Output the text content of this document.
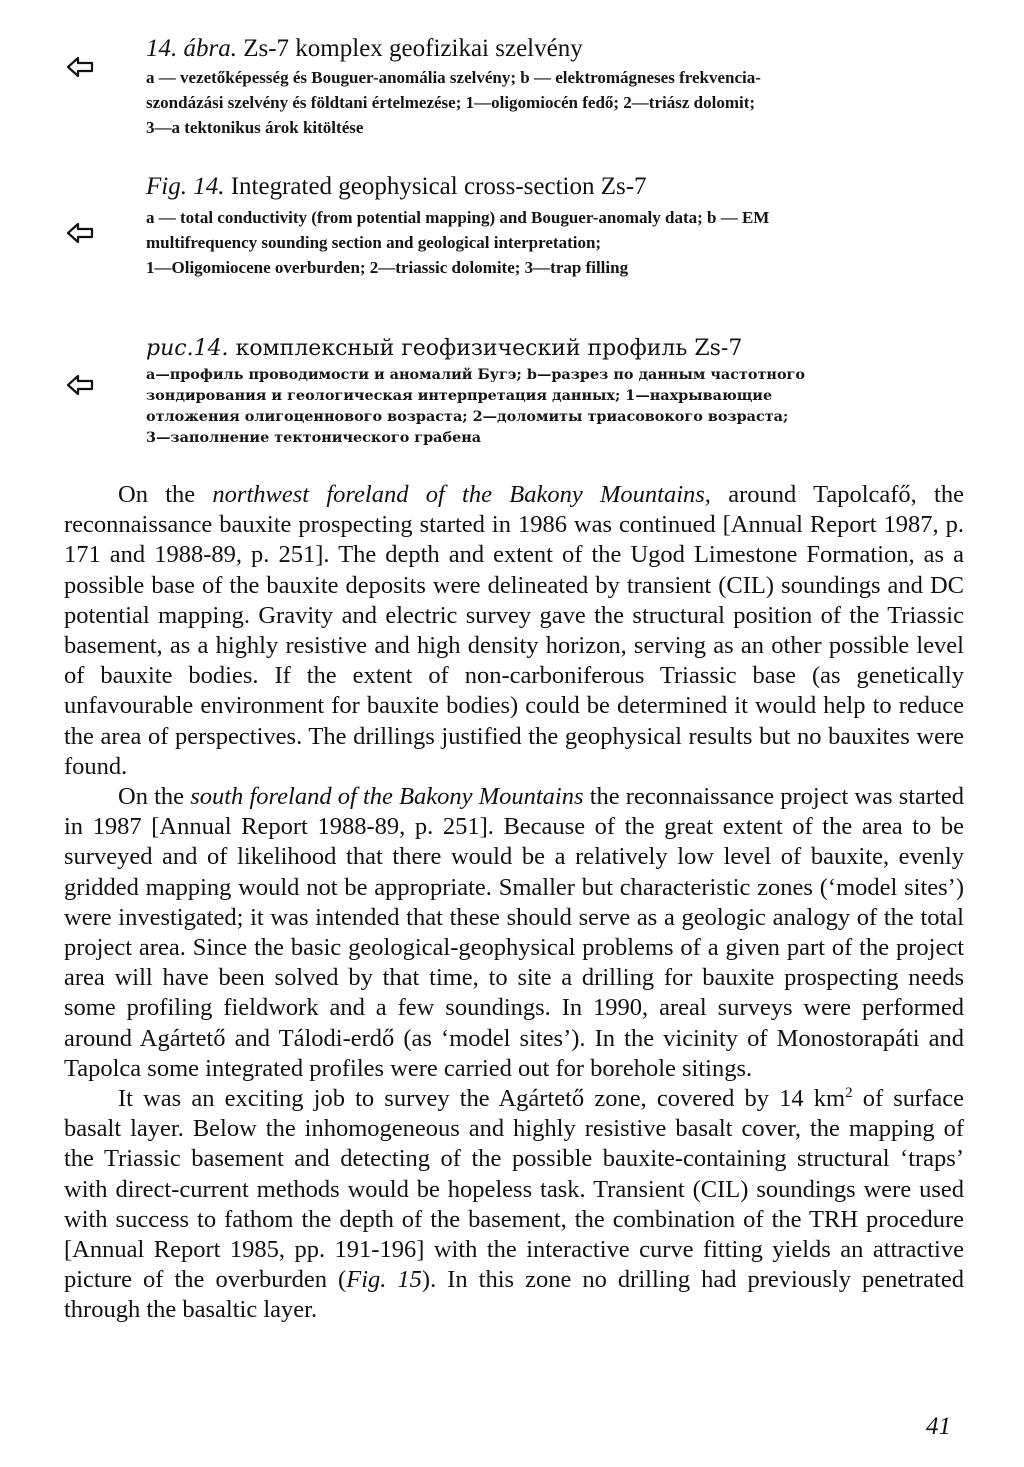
14. ábra. Zs-7 komplex geofizikai szelvény
a — vezetőképesség és Bouguer-anomália szelvény; b — elektromágneses frekvencia-
szondázási szelvény és földtani értelmezése; 1—oligomiocén fedő; 2—triász dolomit;
3—a tektonikus árok kitöltése
Fig. 14. Integrated geophysical cross-section Zs-7
a — total conductivity (from potential mapping) and Bouguer-anomaly data; b — EM
multifrequency sounding section and geological interpretation;
1—Oligomiocene overburden; 2—triassic dolomite; 3—trap filling
рис.14. комплексный геофизический профиль Zs-7
а—профиль проводимости и аномалий Бугэ; b—разрез по данным частотного
зондирования и геологическая интерпретация данных; 1—нахрывающие
отложения олигоценнового возраста; 2—доломиты триасовокого возраста;
3—заполнение тектонического грабена

On the northwest foreland of the Bakony Mountains, around Tapolcafő, the reconnaissance bauxite prospecting started in 1986 was continued [Annual Report 1987, p. 171 and 1988-89, p. 251]. The depth and extent of the Ugod Limestone Formation, as a possible base of the bauxite deposits were delineated by transient (CIL) soundings and DC potential mapping. Gravity and electric survey gave the structural position of the Triassic basement, as a highly resistive and high density horizon, serving as an other possible level of bauxite bodies. If the extent of non-carboniferous Triassic base (as genetically unfavourable environment for bauxite bodies) could be determined it would help to reduce the area of perspectives. The drillings justified the geophysical results but no bauxites were found.

On the south foreland of the Bakony Mountains the reconnaissance project was started in 1987 [Annual Report 1988-89, p. 251]. Because of the great extent of the area to be surveyed and of likelihood that there would be a relatively low level of bauxite, evenly gridded mapping would not be appropriate. Smaller but characteristic zones (‘model sites’) were investigated; it was intended that these should serve as a geologic analogy of the total project area. Since the basic geological-geophysical problems of a given part of the project area will have been solved by that time, to site a drilling for bauxite prospecting needs some profiling fieldwork and a few soundings. In 1990, areal surveys were performed around Agártető and Tálodi-erdő (as ‘model sites’). In the vicinity of Monostorapáti and Tapolca some integrated profiles were carried out for borehole sitings.

It was an exciting job to survey the Agártető zone, covered by 14 $km^2$ of surface basalt layer. Below the inhomogeneous and highly resistive basalt cover, the mapping of the Triassic basement and detecting of the possible bauxite-containing structural ‘traps’ with direct-current methods would be hopeless task. Transient (CIL) soundings were used with success to fathom the depth of the basement, the combination of the TRH procedure [Annual Report 1985, pp. 191-196] with the interactive curve fitting yields an attractive picture of the overburden (Fig. 15). In this zone no drilling had previously penetrated through the basaltic layer.

41
